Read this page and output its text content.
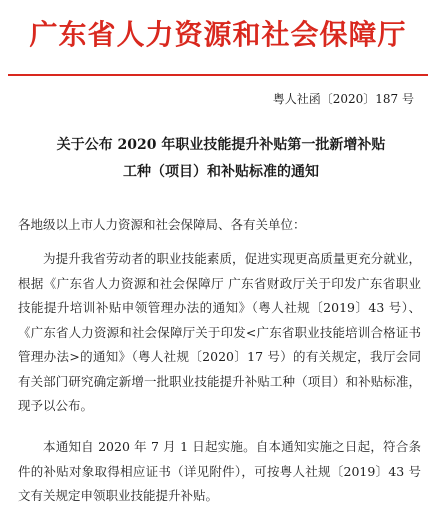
广东省人力资源和社会保障厅
粤人社函〔2020〕187 号
关于公布 2020 年职业技能提升补贴第一批新增补贴
工种（项目）和补贴标准的通知
各地级以上市人力资源和社会保障局、各有关单位：
为提升我省劳动者的职业技能素质，促进实现更高质量更充分就业，根据《广东省人力资源和社会保障厅 广东省财政厅关于印发广东省职业技能提升培训补贴申领管理办法的通知》（粤人社规〔2019〕43 号）、《广东省人力资源和社会保障厅关于印发<广东省职业技能培训合格证书管理办法>的通知》（粤人社规〔2020〕17 号）的有关规定，我厅会同有关部门研究确定新增一批职业技能提升补贴工种（项目）和补贴标准，现予以公布。
本通知自 2020 年 7 月 1 日起实施。自本通知实施之日起，符合条件的补贴对象取得相应证书（详见附件），可按粤人社规〔2019〕43 号文有关规定申领职业技能提升补贴。
